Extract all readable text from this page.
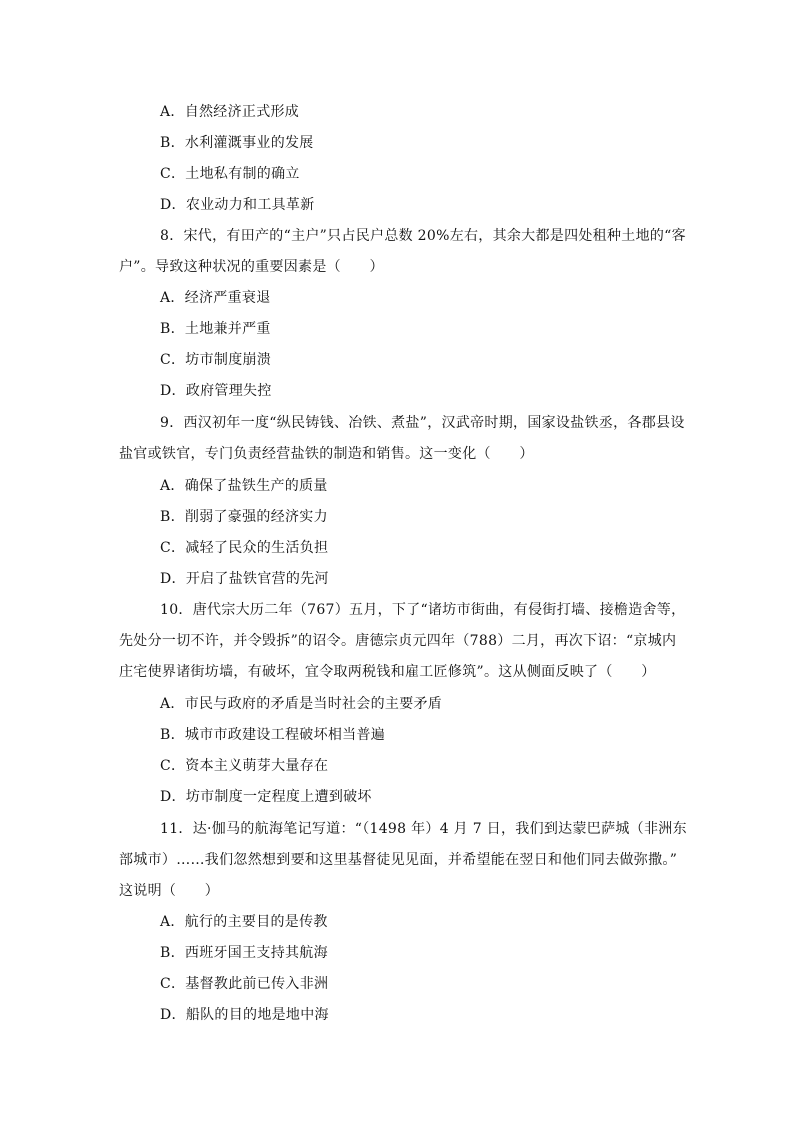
A．自然经济正式形成
B．水利灌溉事业的发展
C．土地私有制的确立
D．农业动力和工具革新
8．宋代，有田产的“主户”只占民户总数 20%左右，其余大都是四处租种土地的“客
户”。导致这种状况的重要因素是（　　）
A．经济严重衰退
B．土地兼并严重
C．坊市制度崩溃
D．政府管理失控
9．西汉初年一度“纵民铸钱、冶铁、煮盐”，汉武帝时期，国家设盐铁丞，各郡县设
盐官或铁官，专门负责经营盐铁的制造和销售。这一变化（　　）
A．确保了盐铁生产的质量
B．削弱了豪强的经济实力
C．减轻了民众的生活负担
D．开启了盐铁官营的先河
10．唐代宗大历二年（767）五月，下了“诸坊市街曲，有侵街打墙、接檐造舍等，
先处分一切不许，并令毁拆”的诏令。唐德宗贞元四年（788）二月，再次下诏：“京城内
庄宅使界诸街坊墙，有破坏，宜令取两税钱和雇工匠修筑”。这从侧面反映了（　　）
A．市民与政府的矛盾是当时社会的主要矛盾
B．城市市政建设工程破坏相当普遍
C．资本主义萌芽大量存在
D．坊市制度一定程度上遭到破坏
11．达·伽马的航海笔记写道：“（1498 年）4 月 7 日，我们到达蒙巴萨城（非洲东
部城市）……我们忽然想到要和这里基督徒见见面，并希望能在翌日和他们同去做弥撒。”
这说明（　　）
A．航行的主要目的是传教
B．西班牙国王支持其航海
C．基督教此前已传入非洲
D．船队的目的地是地中海
